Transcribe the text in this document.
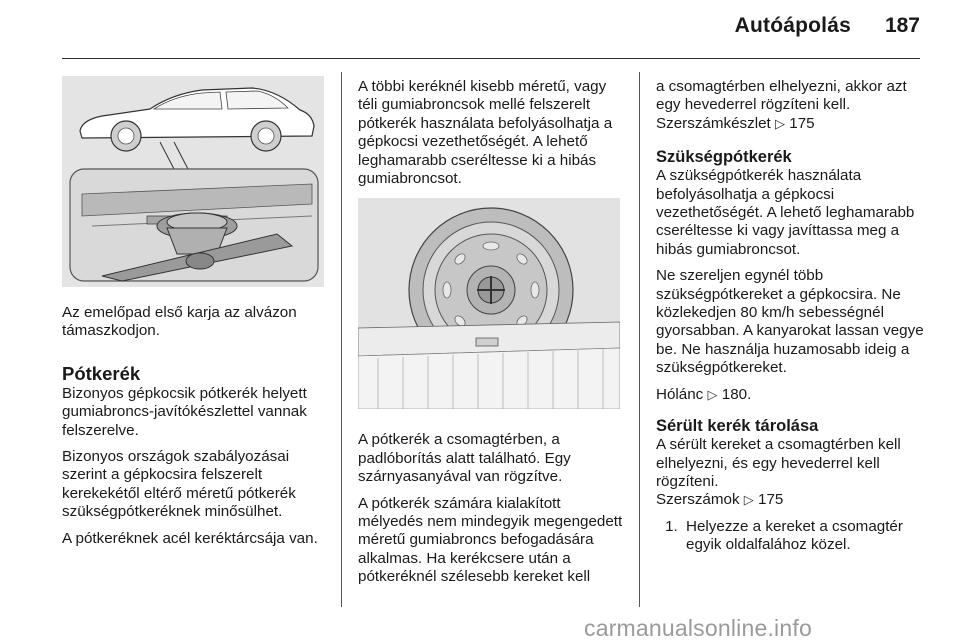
Autóápolás 187

Az emelőpad első karja az alvázon támaszkodjon.

Pótkerék

Bizonyos gépkocsik pótkerék helyett gumiabroncs-javítókészlettel vannak felszerelve.

Bizonyos országok szabályozásai szerint a gépkocsira felszerelt kerekekétől eltérő méretű pótkerék szükségpótkeréknek minősülhet.

A pótkeréknek acél keréktárcsája van.

A többi keréknél kisebb méretű, vagy téli gumiabroncsok mellé felszerelt pótkerék használata befolyásolhatja a gépkocsi vezethetőségét. A lehető leghamarabb cseréltesse ki a hibás gumiabroncsot.

A pótkerék a csomagtérben, a padlóborítás alatt található. Egy szárnyasanyával van rögzítve.

A pótkerék számára kialakított mélyedés nem mindegyik megengedett méretű gumiabroncs befogadására alkalmas. Ha kerékcsere után a pótkeréknél szélesebb kereket kell

a csomagtérben elhelyezni, akkor azt egy hevederrel rögzíteni kell.

Szerszámkészlet ▷ 175

Szükségpótkerék

A szükségpótkerék használata befolyásolhatja a gépkocsi vezethetőségét. A lehető leghamarabb cseréltesse ki vagy javíttassa meg a hibás gumiabroncsot.

Ne szereljen egynél több szükségpótkereket a gépkocsira. Ne közlekedjen 80 km/h sebességnél gyorsabban. A kanyarokat lassan vegye be. Ne használja huzamosabb ideig a szükségpótkereket.

Hólánc ▷ 180.

Sérült kerék tárolása

A sérült kereket a csomagtérben kell elhelyezni, és egy hevederrel kell rögzíteni.

Szerszámok ▷ 175

1. Helyezze a kereket a csomagtér egyik oldalfalához közel.
carmanualsonline.info
